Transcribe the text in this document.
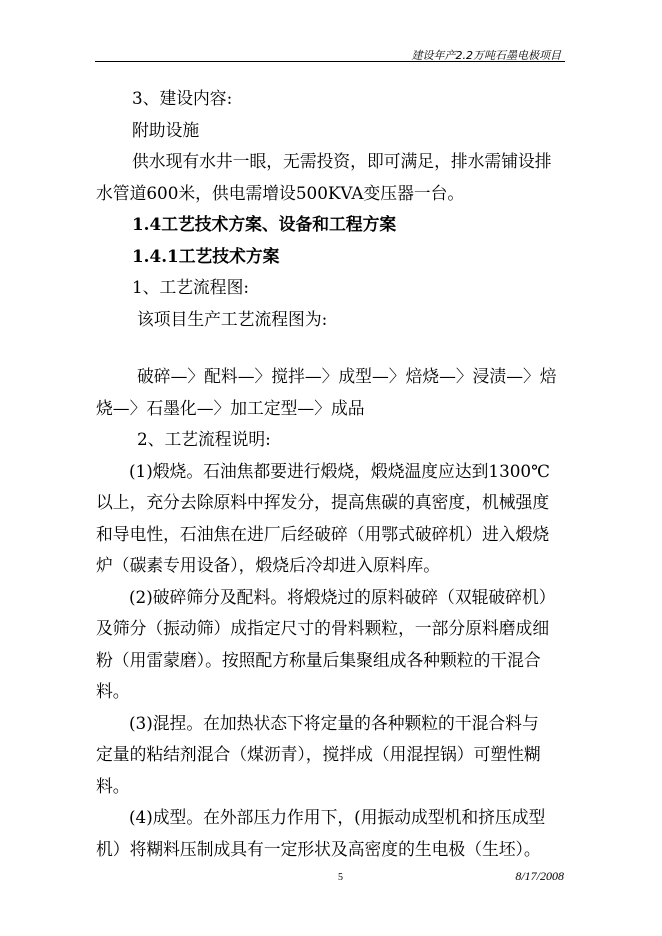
建设年产2.2万吨石墨电极项目
3、建设内容:
附助设施
供水现有水井一眼，无需投资，即可满足，排水需铺设排
水管道600米，供电需增设500KVA变压器一台。
1.4工艺技术方案、设备和工程方案
1.4.1工艺技术方案
1、工艺流程图:
该项目生产工艺流程图为:
破碎—〉配料—〉搅拌—〉成型—〉焙烧—〉浸渍—〉焙
烧—〉石墨化—〉加工定型—〉成品
2、工艺流程说明:
(1)煅烧。石油焦都要进行煅烧，煅烧温度应达到1300℃
以上，充分去除原料中挥发分，提高焦碳的真密度，机械强度
和导电性，石油焦在进厂后经破碎（用鄂式破碎机）进入煅烧
炉（碳素专用设备），煅烧后冷却进入原料库。
(2)破碎筛分及配料。将煅烧过的原料破碎（双辊破碎机）
及筛分（振动筛）成指定尺寸的骨料颗粒，一部分原料磨成细
粉（用雷蒙磨）。按照配方称量后集聚组成各种颗粒的干混合
料。
(3)混捏。在加热状态下将定量的各种颗粒的干混合料与
定量的粘结剂混合（煤沥青），搅拌成（用混捏锅）可塑性糊
料。
(4)成型。在外部压力作用下，(用振动成型机和挤压成型
机）将糊料压制成具有一定形状及高密度的生电极（生坯）。
5	8/17/2008
